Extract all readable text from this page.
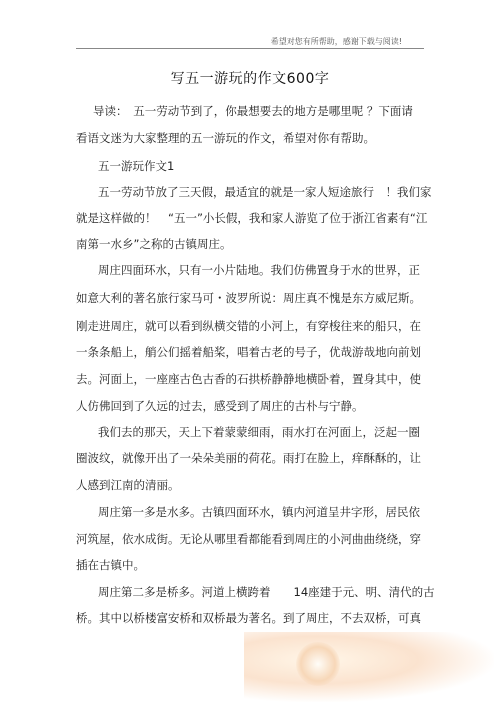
希望对您有所帮助，感谢下载与阅读!
写五一游玩的作文600字
导读：　五一劳动节到了，你最想要去的地方是哪里呢 ？下面请
看语文迷为大家整理的五一游玩的作文，希望对你有帮助。
五一游玩作文1
五一劳动节放了三天假，最适宜的就是一家人短途旅行　！我们家
就是这样做的！　“五一”小长假，我和家人游览了位于浙江省素有“江
南第一水乡”之称的古镇周庄。
周庄四面环水，只有一小片陆地。我们仿佛置身于水的世界，正
如意大利的著名旅行家马可・波罗所说：周庄真不愧是东方威尼斯。
刚走进周庄，就可以看到纵横交错的小河上，有穿梭往来的船只，在
一条条船上，艄公们摇着船桨，唱着古老的号子，优哉游哉地向前划
去。河面上，一座座古色古香的石拱桥静静地横卧着，置身其中，使
人仿佛回到了久远的过去，感受到了周庄的古朴与宁静。
我们去的那天，天上下着蒙蒙细雨，雨水打在河面上，泛起一圈
圈波纹，就像开出了一朵朵美丽的荷花。雨打在脸上，痒酥酥的，让
人感到江南的清丽。
周庄第一多是水多。古镇四面环水，镇内河道呈井字形，居民依
河筑屋，依水成街。无论从哪里看都能看到周庄的小河曲曲绕绕，穿
插在古镇中。
周庄第二多是桥多。河道上横跨着　　14座建于元、明、清代的古
桥。其中以桥楼富安桥和双桥最为著名。到了周庄，不去双桥，可真
